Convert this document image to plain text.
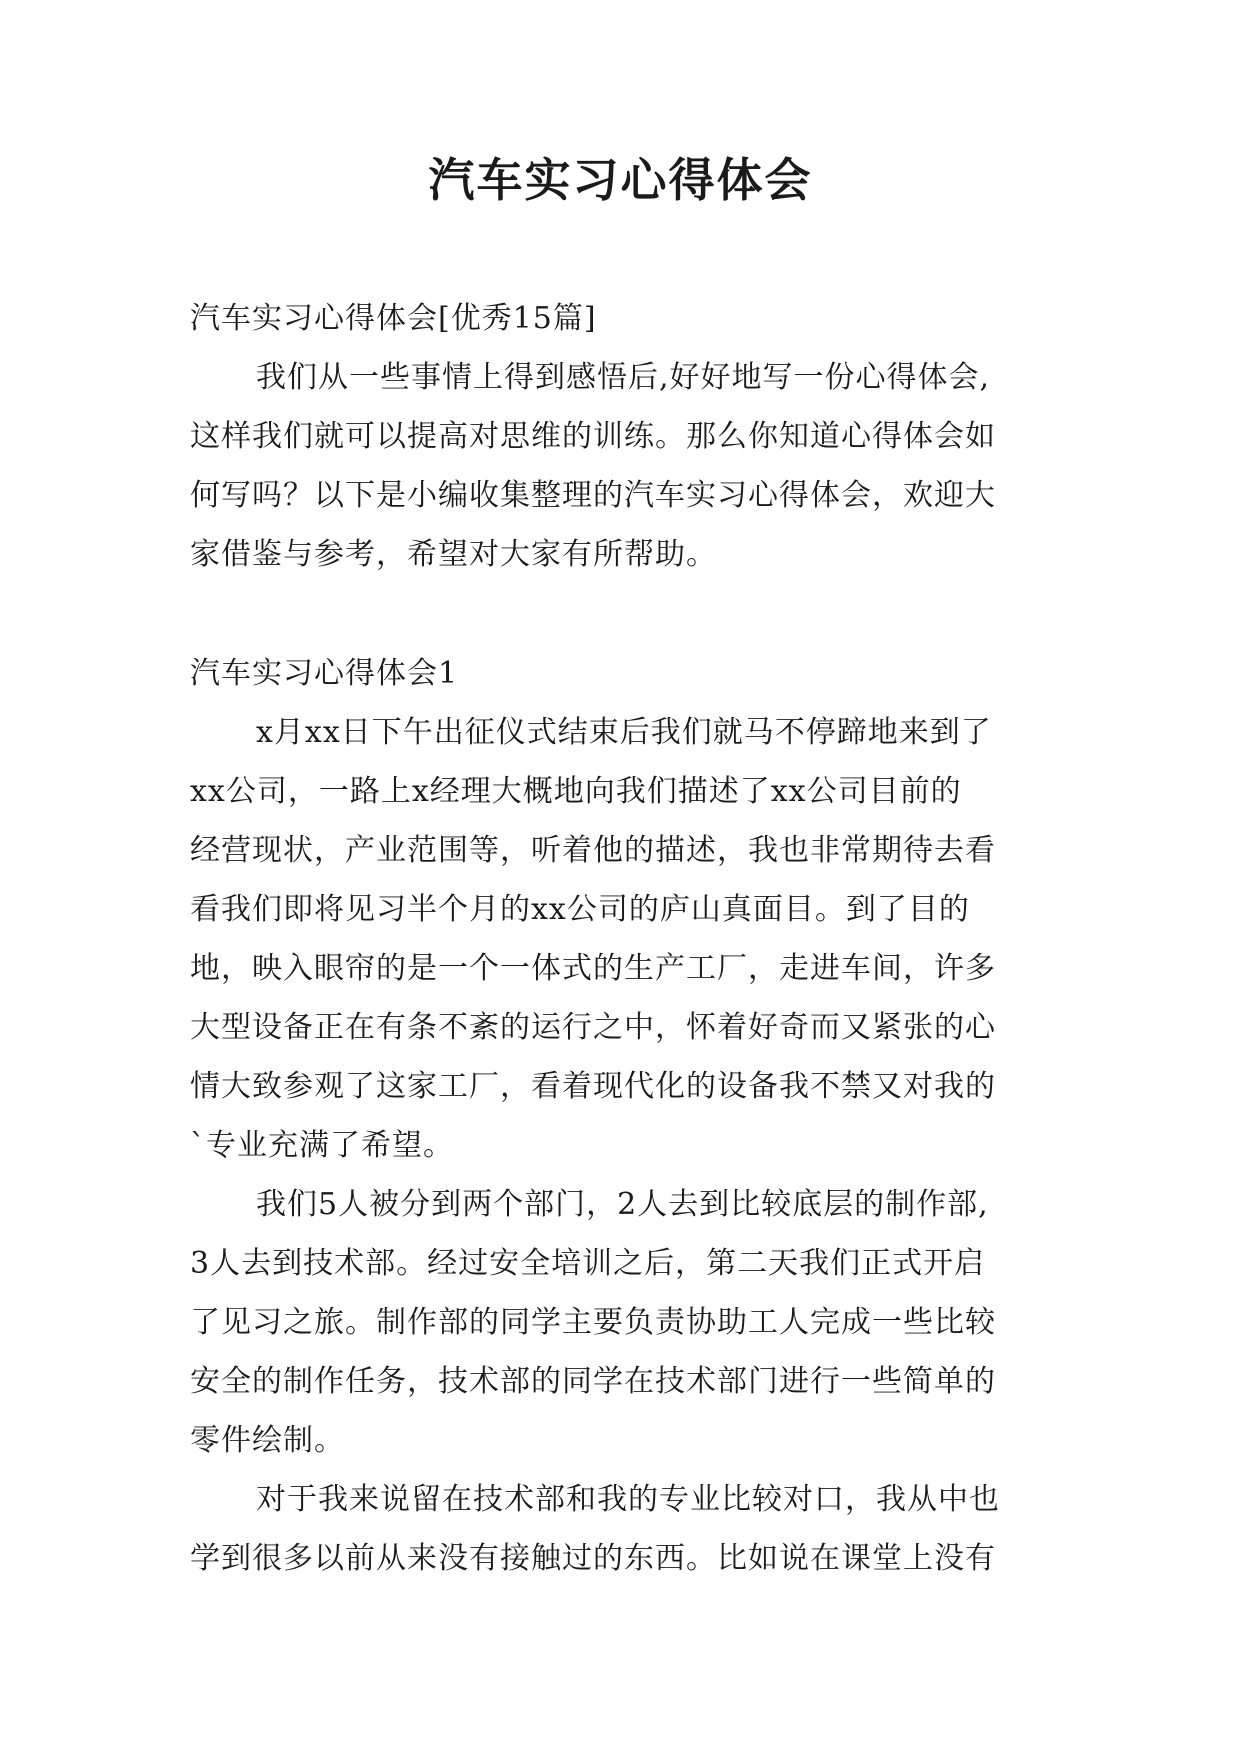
汽车实习心得体会
汽车实习心得体会[优秀15篇]
我们从一些事情上得到感悟后,好好地写一份心得体会,
这样我们就可以提高对思维的训练。那么你知道心得体会如
何写吗？以下是小编收集整理的汽车实习心得体会，欢迎大
家借鉴与参考，希望对大家有所帮助。
汽车实习心得体会1
x月xx日下午出征仪式结束后我们就马不停蹄地来到了
xx公司，一路上x经理大概地向我们描述了xx公司目前的
经营现状，产业范围等，听着他的描述，我也非常期待去看
看我们即将见习半个月的xx公司的庐山真面目。到了目的
地，映入眼帘的是一个一体式的生产工厂，走进车间，许多
大型设备正在有条不紊的运行之中，怀着好奇而又紧张的心
情大致参观了这家工厂，看着现代化的设备我不禁又对我的
`专业充满了希望。
我们5人被分到两个部门，2人去到比较底层的制作部,
3人去到技术部。经过安全培训之后，第二天我们正式开启
了见习之旅。制作部的同学主要负责协助工人完成一些比较
安全的制作任务，技术部的同学在技术部门进行一些简单的
零件绘制。
对于我来说留在技术部和我的专业比较对口，我从中也
学到很多以前从来没有接触过的东西。比如说在课堂上没有
